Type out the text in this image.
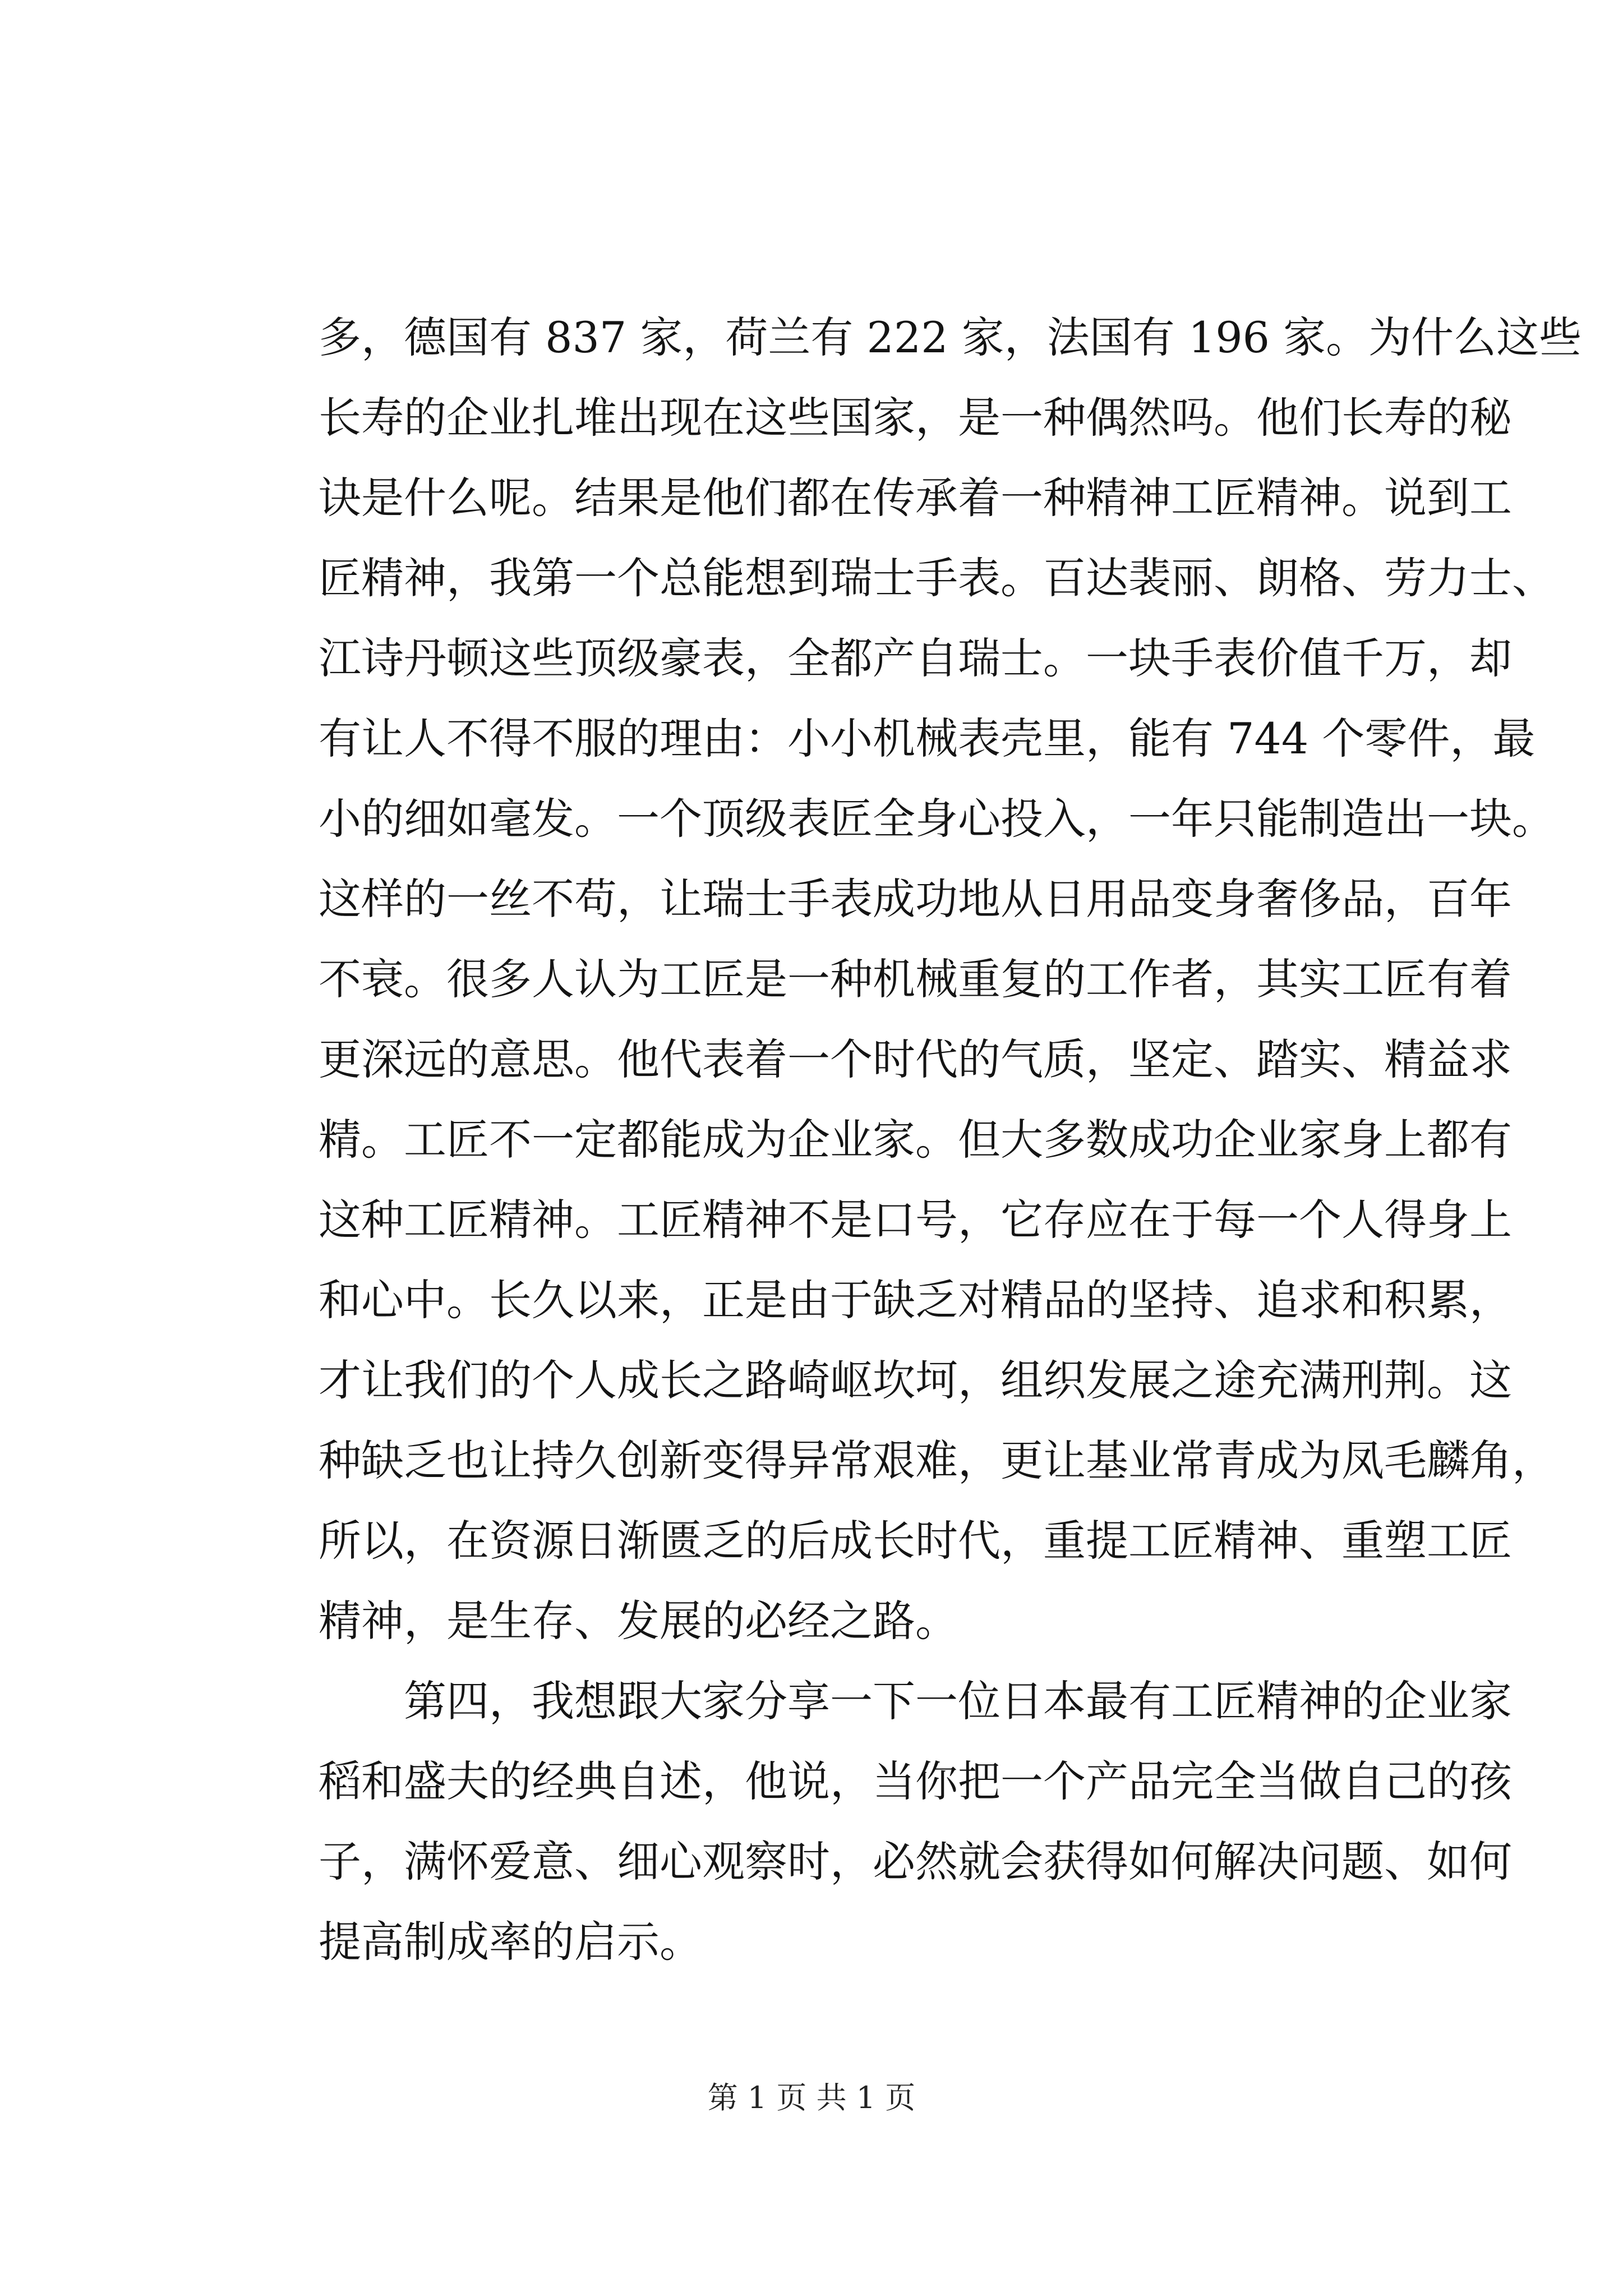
多，德国有 837 家，荷兰有 222 家，法国有 196 家。为什么这些
长寿的企业扎堆出现在这些国家，是一种偶然吗。他们长寿的秘
诀是什么呢。结果是他们都在传承着一种精神工匠精神。说到工
匠精神，我第一个总能想到瑞士手表。百达裴丽、朗格、劳力士、
江诗丹顿这些顶级豪表，全都产自瑞士。一块手表价值千万，却
有让人不得不服的理由：小小机械表壳里，能有 744 个零件，最
小的细如毫发。一个顶级表匠全身心投入，一年只能制造出一块。
这样的一丝不苟，让瑞士手表成功地从日用品变身奢侈品，百年
不衰。很多人认为工匠是一种机械重复的工作者，其实工匠有着
更深远的意思。他代表着一个时代的气质，坚定、踏实、精益求
精。工匠不一定都能成为企业家。但大多数成功企业家身上都有
这种工匠精神。工匠精神不是口号，它存应在于每一个人得身上
和心中。长久以来，正是由于缺乏对精品的坚持、追求和积累，
才让我们的个人成长之路崎岖坎坷，组织发展之途充满刑荆。这
种缺乏也让持久创新变得异常艰难，更让基业常青成为凤毛麟角，
所以，在资源日渐匮乏的后成长时代，重提工匠精神、重塑工匠
精神，是生存、发展的必经之路。
　　第四，我想跟大家分享一下一位日本最有工匠精神的企业家
稻和盛夫的经典自述，他说，当你把一个产品完全当做自己的孩
子，满怀爱意、细心观察时，必然就会获得如何解决问题、如何
提高制成率的启示。
第 1 页 共 1 页
